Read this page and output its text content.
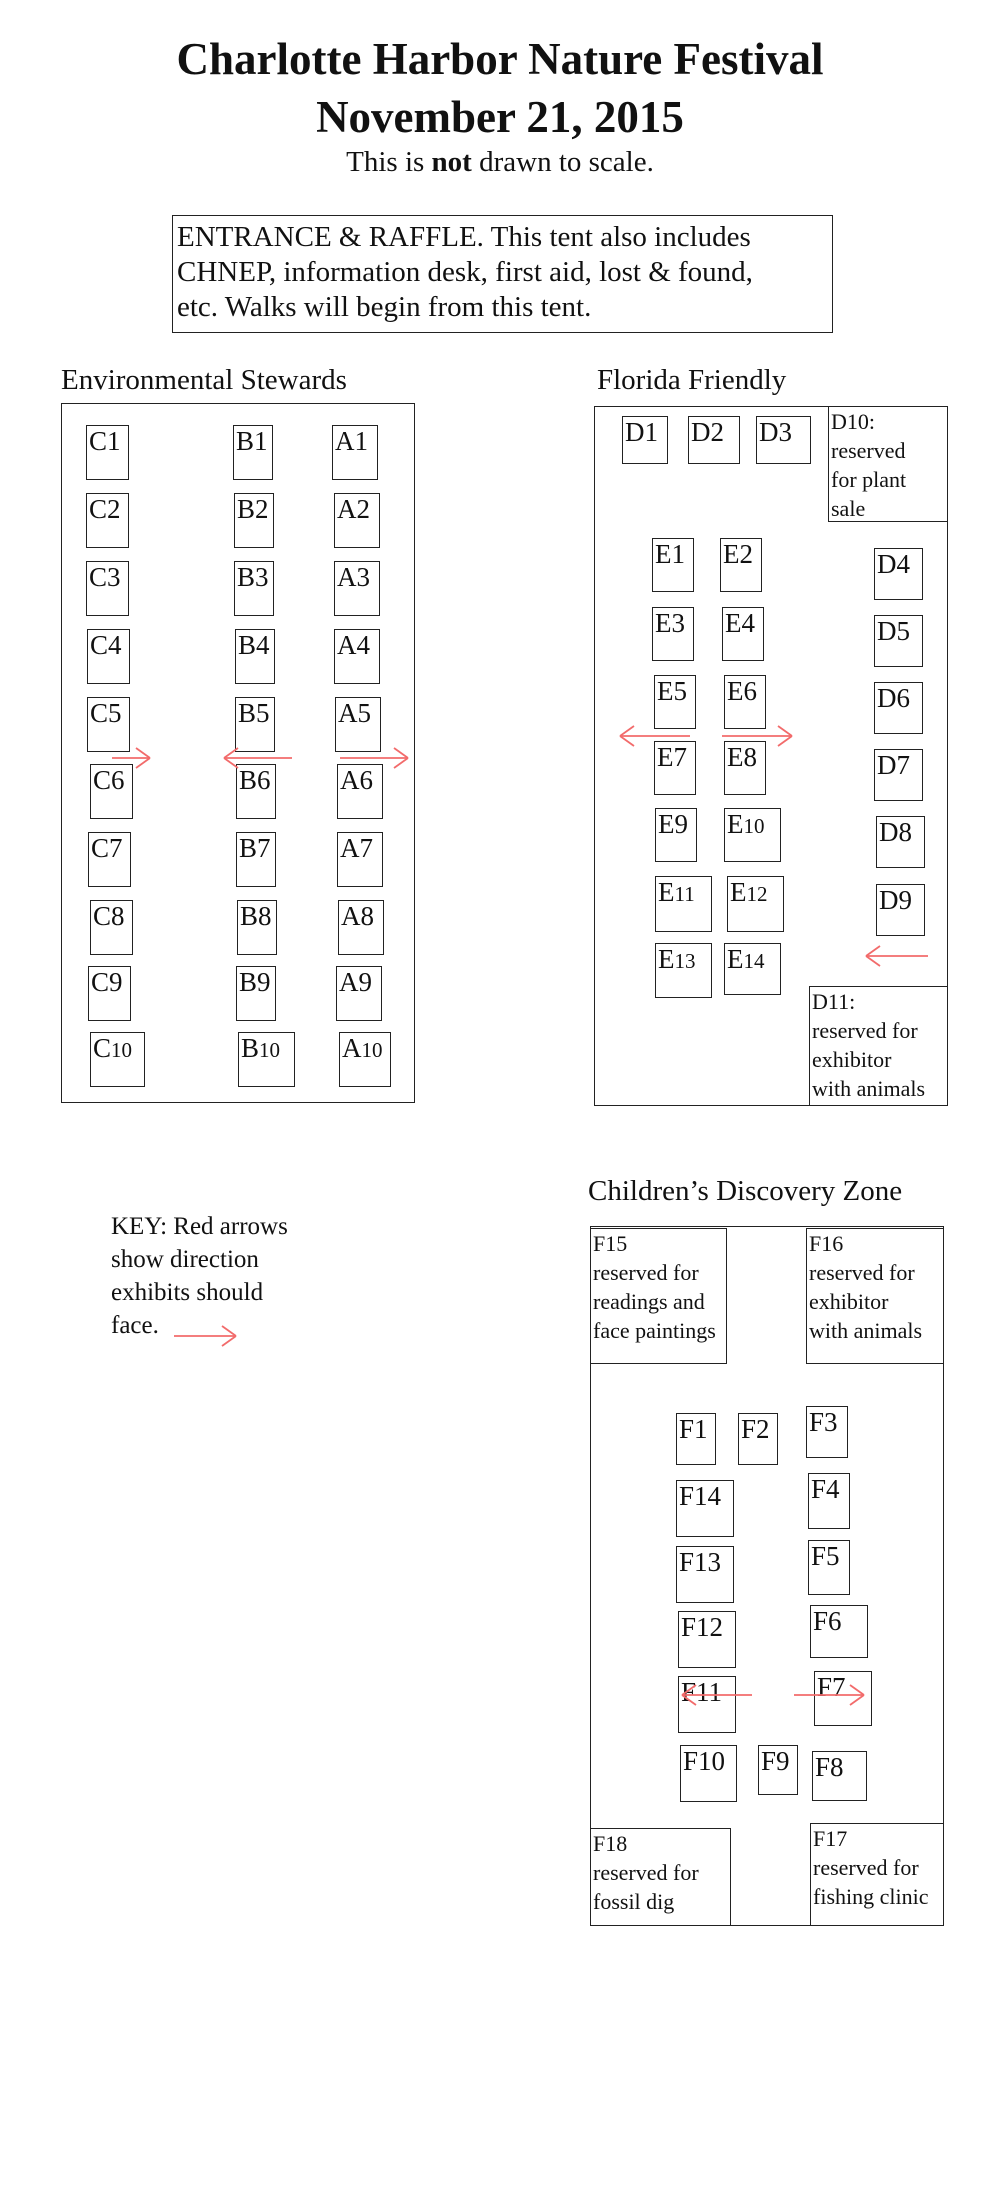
Charlotte Harbor Nature Festival
November 21, 2015
This is not drawn to scale.
ENTRANCE & RAFFLE. This tent also includes
CHNEP, information desk, first aid, lost & found,
etc. Walks will begin from this tent.
Environmental Stewards
C1
C2
C3
C4
C5
C6
C7
C8
C9
C10
B1
B2
B3
B4
B5
B6
B7
B8
B9
B10
A1
A2
A3
A4
A5
A6
A7
A8
A9
A10
Florida Friendly
D1	D2	D3	D10:
reserved
for plant
sale
E1	E2
E3	E4
E5	E6
E7	E8
E9	E10
E11	E12
E13	E14
D4
D5
D6
D7
D8
D9
D11:
reserved for
exhibitor
with animals
KEY: Red arrows
show direction
exhibits should
face.
Children’s Discovery Zone
F15
reserved for
readings and
face paintings
F16
reserved for
exhibitor
with animals
F1	F2	F3
F14	F4
F13	F5
F12	F6
F11	F7
F10	F9 F8
F18
reserved for
fossil dig
F17
reserved for
fishing clinic
